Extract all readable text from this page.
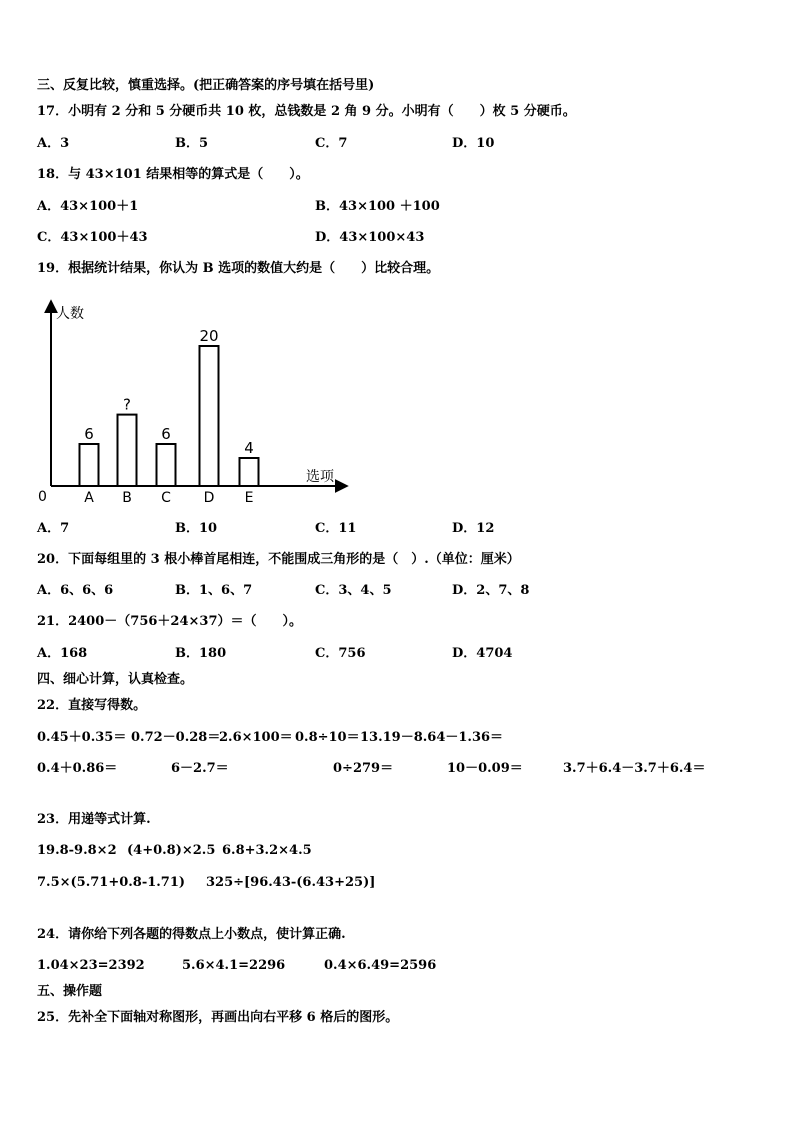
三、反复比较，慎重选择。(把正确答案的序号填在括号里)
17．小明有 2 分和 5 分硬币共 10 枚，总钱数是 2 角 9 分。小明有（　　）枚 5 分硬币。
A．3	B．5	C．7	D．10
18．与 43×101 结果相等的算式是（　　）。
A．43×100＋1	B．43×100 ＋100
C．43×100＋43	D．43×100×43
19．根据统计结果，你认为 B 选项的数值大约是（　　）比较合理。
人数
选项
0
6
A
?
B
6
C
20
D
4
E
A．7	B．10	C．11	D．12
20．下面每组里的 3 根小棒首尾相连，不能围成三角形的是（　）.（单位：厘米）
A．6、6、6	B．1、6、7	C．3、4、5	D．2、7、8
21．2400－（756＋24×37）＝（　　）。
A．168	B．180	C．756	D．4704
四、细心计算，认真检查。
22．直接写得数。
0.45＋0.35＝ 0.72－0.28＝
2.6×100＝ 0.8÷10＝ 13.19－8.64－1.36＝
0.4＋0.86＝	6－2.7＝	0÷279＝	10－0.09＝	3.7＋6.4－3.7＋6.4＝
23．用递等式计算.
19.8-9.8×2 (4+0.8)×2.5 6.8+3.2×4.5
7.5×(5.71+0.8-1.71) 325÷[96.43-(6.43+25)]
24．请你给下列各题的得数点上小数点，使计算正确.
1.04×23=2392	5.6×4.1=2296	0.4×6.49=2596
五、操作题
25．先补全下面轴对称图形，再画出向右平移 6 格后的图形。
